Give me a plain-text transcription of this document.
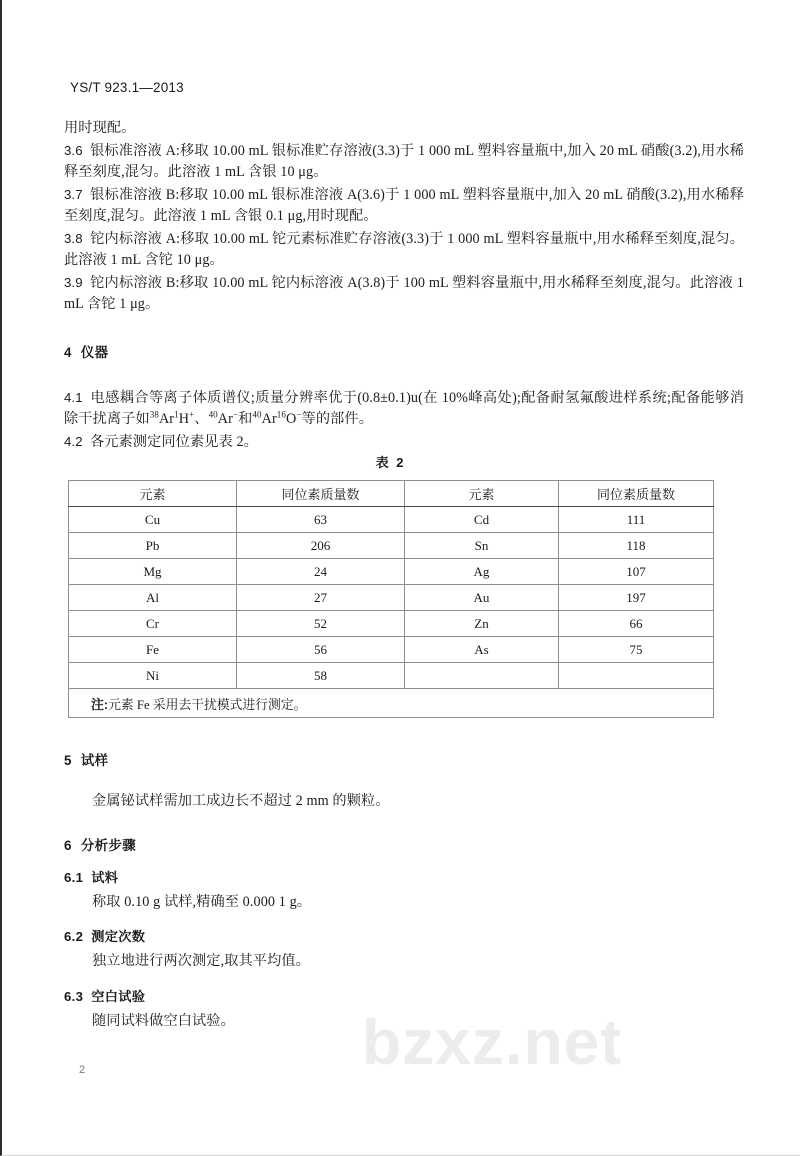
bzxz.net
YS/T 923.1—2013

用时现配。

3.6 银标准溶液 A:移取 10.00 mL 银标准贮存溶液(3.3)于 1 000 mL 塑料容量瓶中,加入 20 mL 硝酸(3.2),用水稀释至刻度,混匀。此溶液 1 mL 含银 10 μg。

3.7 银标准溶液 B:移取 10.00 mL 银标准溶液 A(3.6)于 1 000 mL 塑料容量瓶中,加入 20 mL 硝酸(3.2),用水稀释至刻度,混匀。此溶液 1 mL 含银 0.1 μg,用时现配。

3.8 铊内标溶液 A:移取 10.00 mL 铊元素标准贮存溶液(3.3)于 1 000 mL 塑料容量瓶中,用水稀释至刻度,混匀。此溶液 1 mL 含铊 10 μg。

3.9 铊内标溶液 B:移取 10.00 mL 铊内标溶液 A(3.8)于 100 mL 塑料容量瓶中,用水稀释至刻度,混匀。此溶液 1 mL 含铊 1 μg。

4 仪器

4.1 电感耦合等离子体质谱仪;质量分辨率优于(0.8±0.1)u(在 10%峰高处);配备耐氢氟酸进样系统;配备能够消除干扰离子如$^{38}$Ar$^1$H+、$^{40}$Ar−和$^{40}$Ar$^{16}$O−等的部件。

4.2 各元素测定同位素见表 2。

表 2

元素	同位素质量数	元素	同位素质量数
Cu	63	Cd	111
Pb	206	Sn	118
Mg	24	Ag	107
Al	27	Au	197
Cr	52	Zn	66
Fe	56	As	75
Ni	58		
注:元素 Fe 采用去干扰模式进行测定。			

5 试样

金属铋试样需加工成边长不超过 2 mm 的颗粒。

6 分析步骤

6.1 试料

称取 0.10 g 试样,精确至 0.000 1 g。

6.2 测定次数

独立地进行两次测定,取其平均值。

6.3 空白试验

随同试料做空白试验。

2
